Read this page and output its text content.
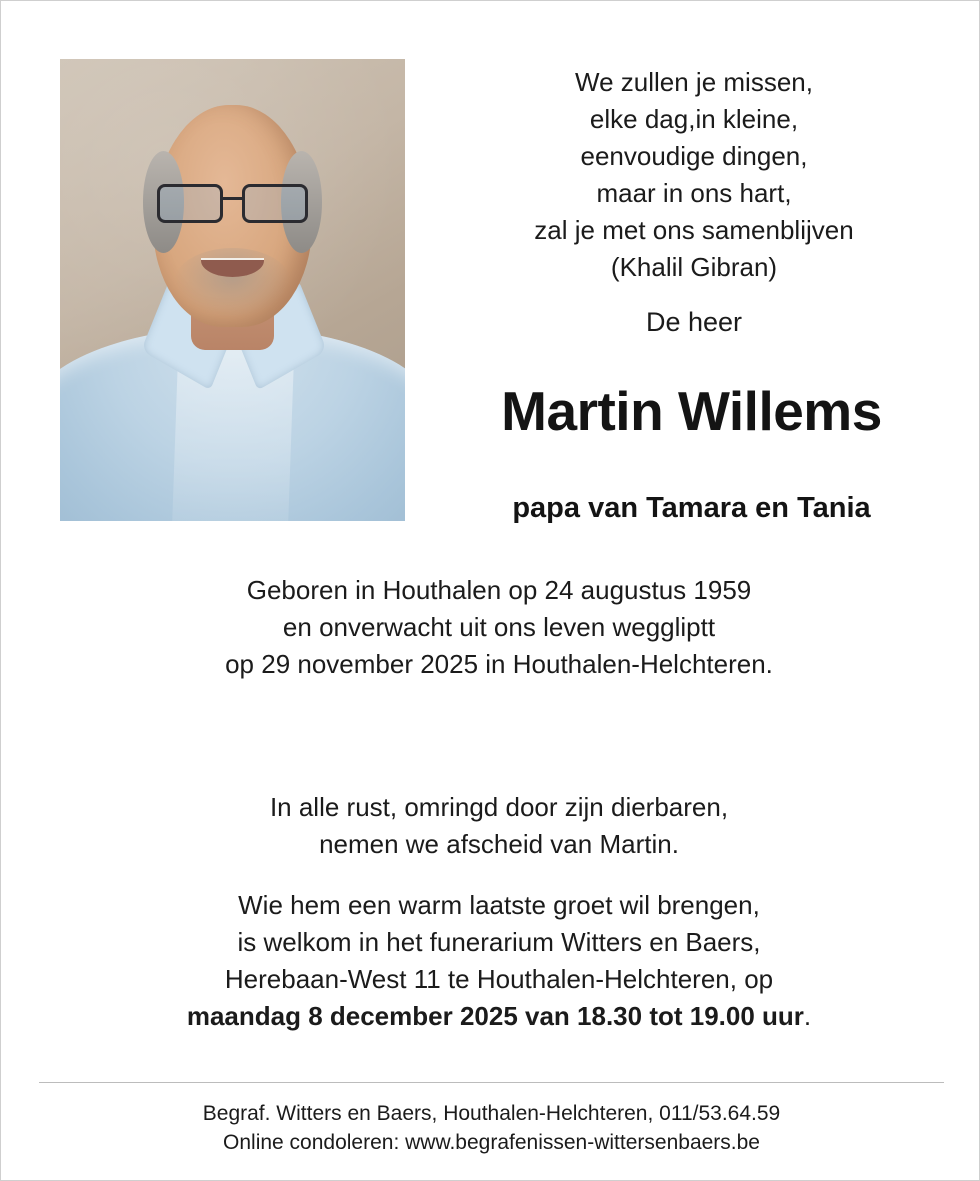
We zullen je missen,
elke dag,in kleine,
eenvoudige dingen,
maar in ons hart,
zal je met ons samenblijven
(Khalil Gibran)
De heer
Martin Willems
papa van Tamara en Tania
Geboren in Houthalen op 24 augustus 1959
en onverwacht uit ons leven weggliptt
op 29 november 2025 in Houthalen-Helchteren.
In alle rust, omringd door zijn dierbaren,
nemen we afscheid van Martin.
Wie hem een warm laatste groet wil brengen,
is welkom in het funerarium Witters en Baers,
Herebaan-West 11 te Houthalen-Helchteren, op
maandag 8 december 2025 van 18.30 tot 19.00 uur.
Begraf. Witters en Baers, Houthalen-Helchteren, 011/53.64.59
Online condoleren: www.begrafenissen-wittersenbaers.be
